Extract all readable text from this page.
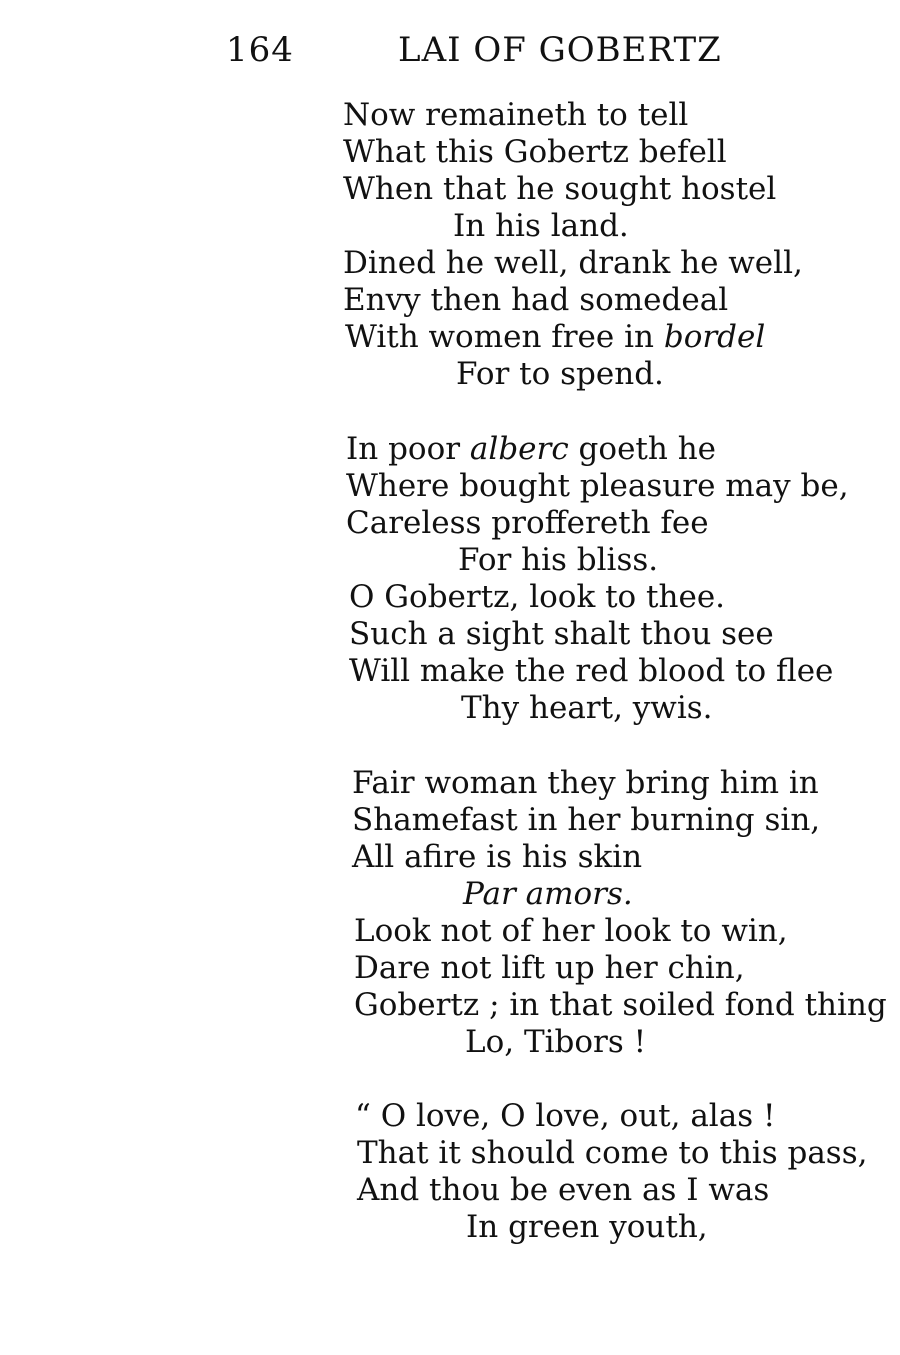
164	LAI OF GOBERTZ
Now remaineth to tell
What this Gobertz befell
When that he sought hostel
In his land.
Dined he well, drank he well,
Envy then had somedeal
With women free in bordel
For to spend.
In poor alberc goeth he
Where bought pleasure may be,
Careless proffereth fee
For his bliss.
O Gobertz, look to thee.
Such a sight shalt thou see
Will make the red blood to flee
Thy heart, ywis.
Fair woman they bring him in
Shamefast in her burning sin,
All afire is his skin
Par amors.
Look not of her look to win,
Dare not lift up her chin,
Gobertz ; in that soiled fond thing
Lo, Tibors !
“ O love, O love, out, alas !
That it should come to this pass,
And thou be even as I was
In green youth,
